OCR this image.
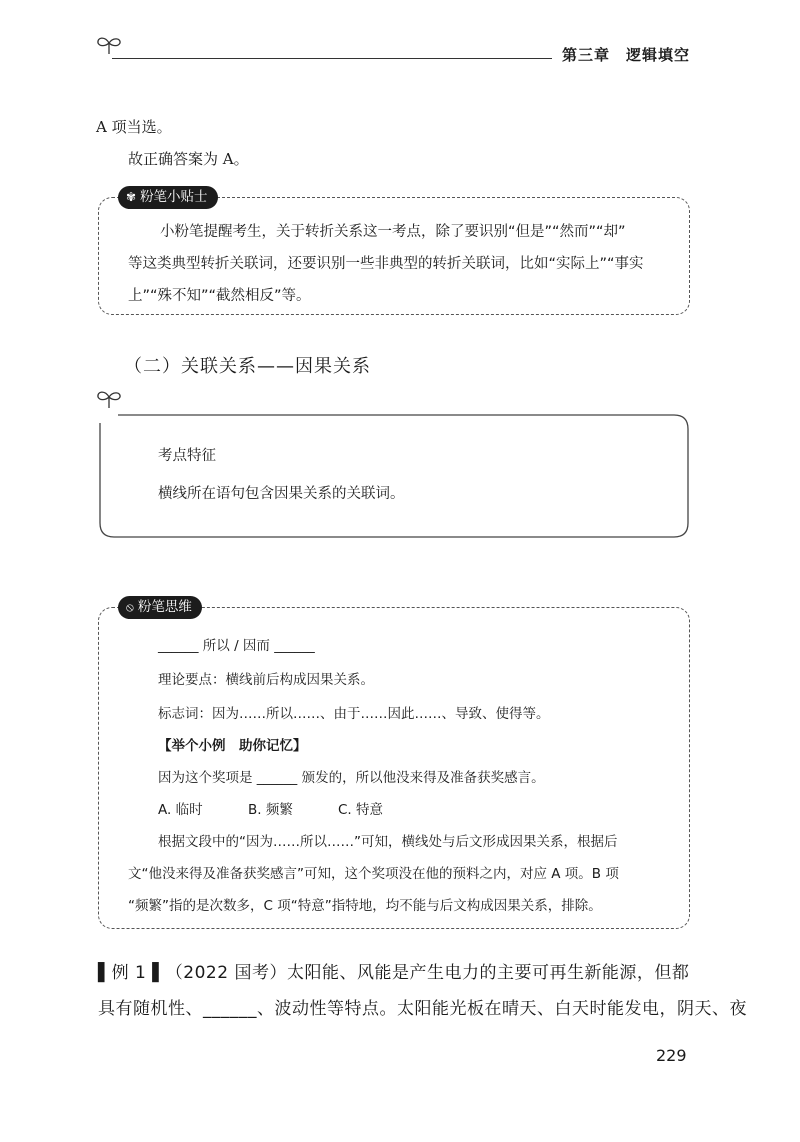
第三章　逻辑填空
A 项当选。
故正确答案为 A。
✾ 粉笔小贴士
小粉笔提醒考生，关于转折关系这一考点，除了要识别“但是”“然而”“却”
等这类典型转折关联词，还要识别一些非典型的转折关联词，比如“实际上”“事实
上”“殊不知”“截然相反”等。
（二）关联关系——因果关系
考点特征
横线所在语句包含因果关系的关联词。
⦸ 粉笔思维
______ 所以 / 因而 ______
理论要点：横线前后构成因果关系。
标志词：因为……所以……、由于……因此……、导致、使得等。
【举个小例　助你记忆】
因为这个奖项是 ______ 颁发的，所以他没来得及准备获奖感言。
A. 临时	B. 频繁	C. 特意
根据文段中的“因为……所以……”可知，横线处与后文形成因果关系，根据后
文“他没来得及准备获奖感言”可知，这个奖项没在他的预料之内，对应 A 项。B 项
“频繁”指的是次数多，C 项“特意”指特地，均不能与后文构成因果关系，排除。
▌例 1 ▌（2022 国考）太阳能、风能是产生电力的主要可再生新能源，但都
具有随机性、______、波动性等特点。太阳能光板在晴天、白天时能发电，阴天、夜
229
